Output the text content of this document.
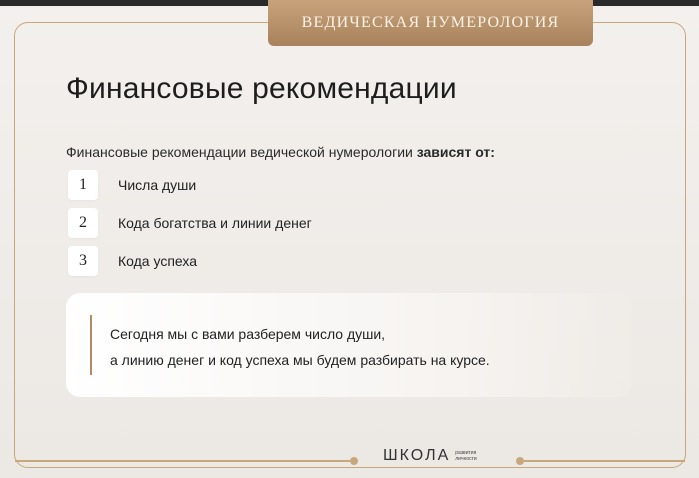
ВЕДИЧЕСКАЯ НУМЕРОЛОГИЯ
Финансовые рекомендации
Финансовые рекомендации ведической нумерологии зависят от:
1	Числа души
2	Кода богатства и линии денег
3	Кода успеха
Сегодня мы с вами разберем число души,
а линию денег и код успеха мы будем разбирать на курсе.
ШКОЛА развития
личности
